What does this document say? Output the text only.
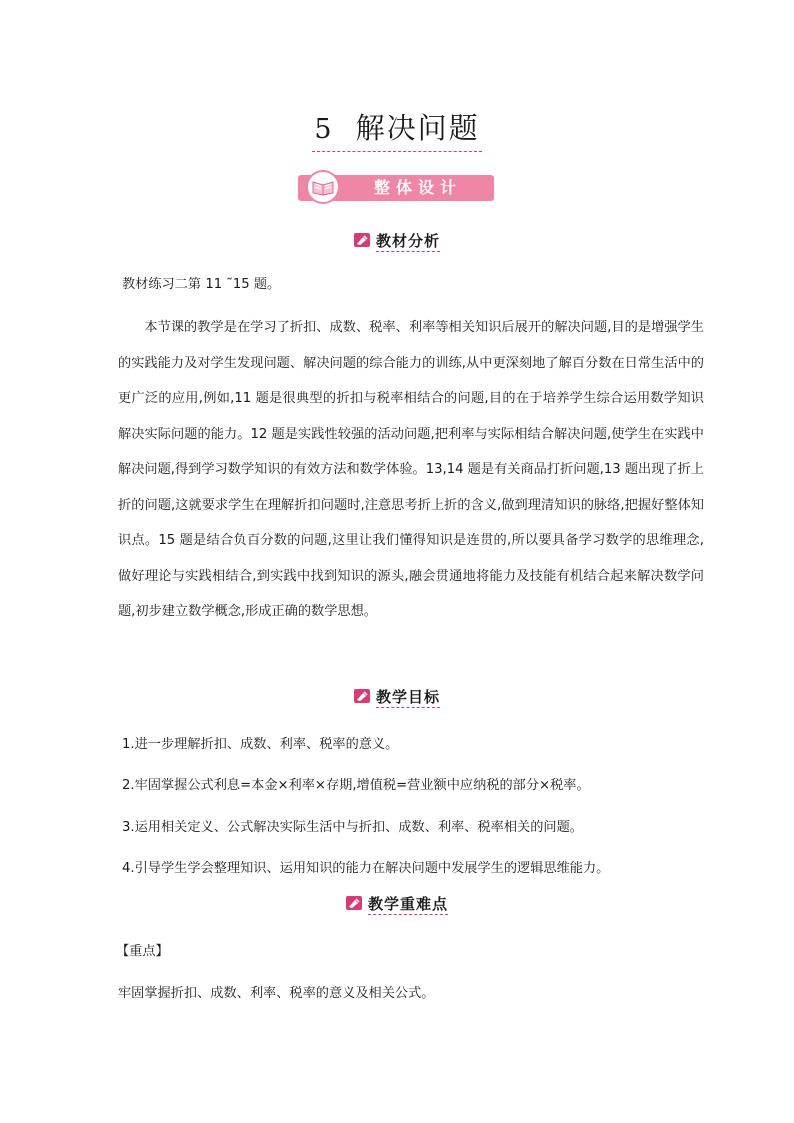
5 解决问题
整体设计
教材分析

教材练习二第 11 ˜15 题。

本节课的教学是在学习了折扣、成数、税率、利率等相关知识后展开的解决问题,目的是增强学生的实践能力及对学生发现问题、解决问题的综合能力的训练,从中更深刻地了解百分数在日常生活中的更广泛的应用,例如,11 题是很典型的折扣与税率相结合的问题,目的在于培养学生综合运用数学知识解决实际问题的能力。12 题是实践性较强的活动问题,把利率与实际相结合解决问题,使学生在实践中解决问题,得到学习数学知识的有效方法和数学体验。13,14 题是有关商品打折问题,13 题出现了折上折的问题,这就要求学生在理解折扣问题时,注意思考折上折的含义,做到理清知识的脉络,把握好整体知识点。15 题是结合负百分数的问题,这里让我们懂得知识是连贯的,所以要具备学习数学的思维理念,做好理论与实践相结合,到实践中找到知识的源头,融会贯通地将能力及技能有机结合起来解决数学问题,初步建立数学概念,形成正确的数学思想。

教学目标

1.进一步理解折扣、成数、利率、税率的意义。

2.牢固掌握公式利息=本金×利率×存期,增值税=营业额中应纳税的部分×税率。

3.运用相关定义、公式解决实际生活中与折扣、成数、利率、税率相关的问题。

4.引导学生学会整理知识、运用知识的能力在解决问题中发展学生的逻辑思维能力。

教学重难点

【重点】

牢固掌握折扣、成数、利率、税率的意义及相关公式。
